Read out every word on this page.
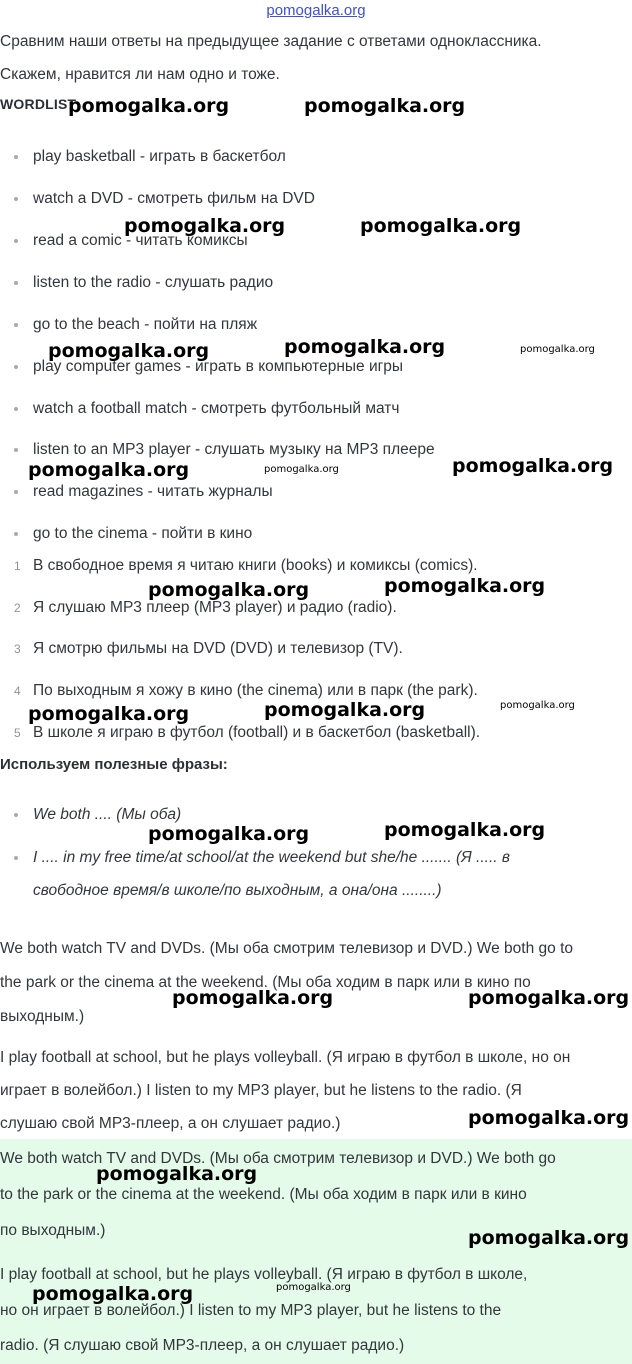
pomogalka.org
Сравним наши ответы на предыдущее задание с ответами одноклассника.
Скажем, нравится ли нам одно и тоже.
WORDLIST
play basketball - играть в баскетбол
watch a DVD - смотреть фильм на DVD
read a comic - читать комиксы
listen to the radio - слушать радио
go to the beach - пойти на пляж
play computer games - играть в компьютерные игры
watch a football match - смотреть футбольный матч
listen to an MP3 player - слушать музыку на MP3 плеере
read magazines - читать журналы
go to the cinema - пойти в кино
1 В свободное время я читаю книги (books) и комиксы (comics).
2 Я слушаю MP3 плеер (MP3 player) и радио (radio).
3 Я смотрю фильмы на DVD (DVD) и телевизор (TV).
4 По выходным я хожу в кино (the cinema) или в парк (the park).
5 В школе я играю в футбол (football) и в баскетбол (basketball).
Используем полезные фразы:
We both .... (Мы оба)
I .... in my free time/at school/at the weekend but she/he ....... (Я ..... в
свободное время/в школе/по выходным, а она/она ........)
We both watch TV and DVDs. (Мы оба смотрим телевизор и DVD.) We both go to
the park or the cinema at the weekend. (Мы оба ходим в парк или в кино по
выходным.)
I play football at school, but he plays volleyball. (Я играю в футбол в школе, но он
играет в волейбол.) I listen to my MP3 player, but he listens to the radio. (Я
слушаю свой MP3-плеер, а он слушает радио.)
We both watch TV and DVDs. (Мы оба смотрим телевизор и DVD.) We both go
to the park or the cinema at the weekend. (Мы оба ходим в парк или в кино
по выходным.)
I play football at school, but he plays volleyball. (Я играю в футбол в школе,
но он играет в волейбол.) I listen to my MP3 player, but he listens to the
radio. (Я слушаю свой MP3-плеер, а он слушает радио.)
pomogalka.org	pomogalka.org
pomogalka.org	pomogalka.org
pomogalka.org	pomogalka.org	pomogalka.org
pomogalka.org	pomogalka.org	pomogalka.org
pomogalka.org	pomogalka.org
pomogalka.org	pomogalka.org	pomogalka.org
pomogalka.org	pomogalka.org
pomogalka.org	pomogalka.org
pomogalka.org
pomogalka.org
pomogalka.org
pomogalka.org	pomogalka.org
